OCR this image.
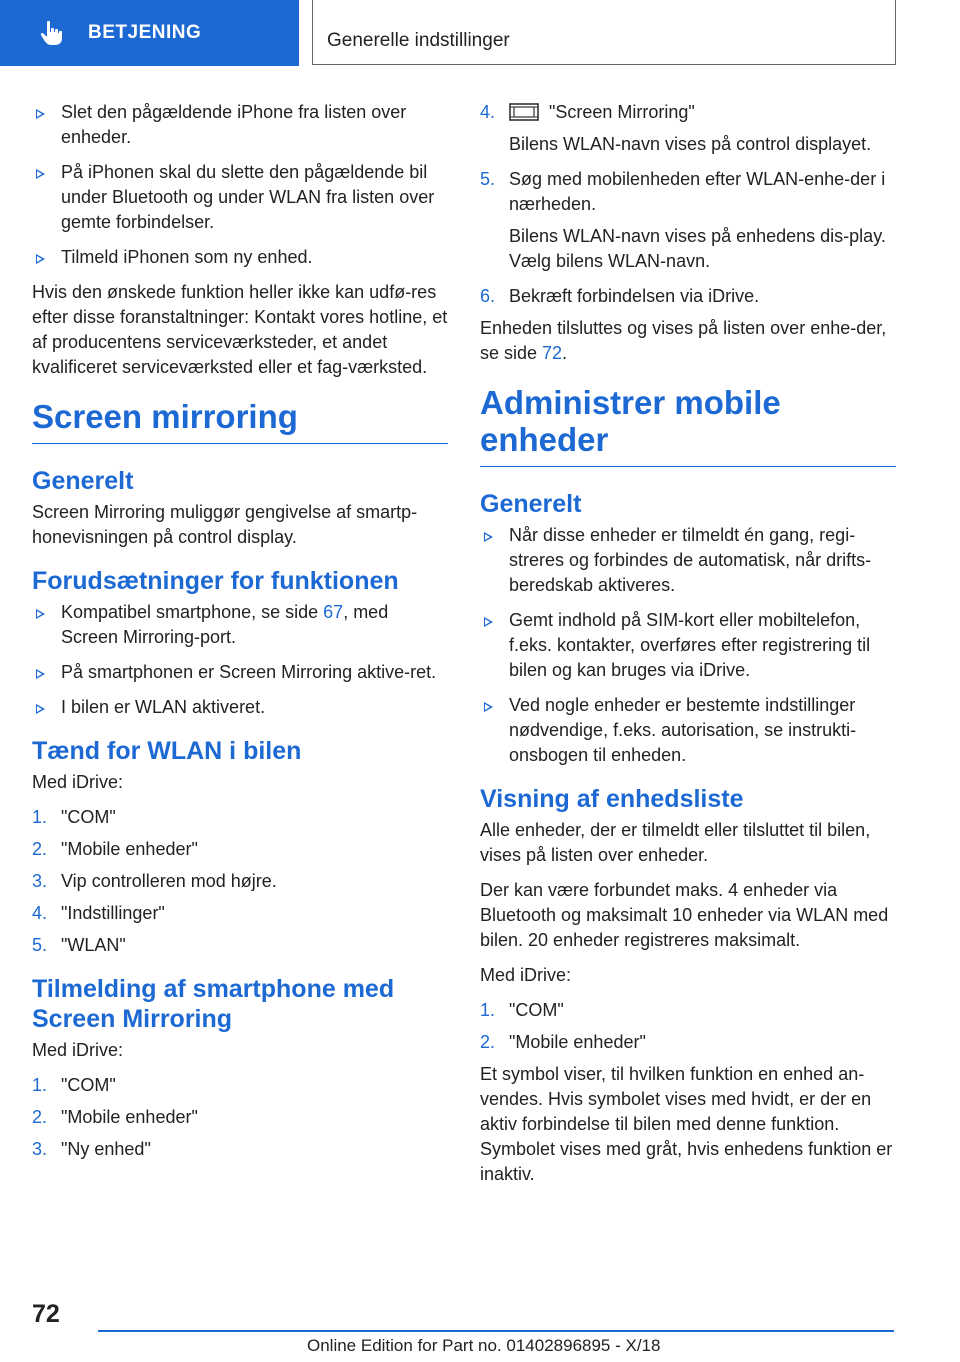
BETJENING	Generelle indstillinger
Slet den pågældende iPhone fra listen over enheder.
På iPhonen skal du slette den pågældende bil under Bluetooth og under WLAN fra listen over gemte forbindelser.
Tilmeld iPhonen som ny enhed.

Hvis den ønskede funktion heller ikke kan udfø‐res efter disse foranstaltninger: Kontakt vores hotline, et af producentens serviceværksteder, et andet kvalificeret serviceværksted eller et fag‐værksted.

Screen mirroring
Generelt

Screen Mirroring muliggør gengivelse af smartp‐honevisningen på control display.

Forudsætninger for funktionen
Kompatibel smartphone, se side 67, med Screen Mirroring-port.
På smartphonen er Screen Mirroring aktive‐ret.
I bilen er WLAN aktiveret.
Tænd for WLAN i bilen

Med iDrive:

1. "COM"
2. "Mobile enheder"
3. Vip controlleren mod højre.
4. "Indstillinger"
5. "WLAN"
Tilmelding af smartphone med Screen Mirroring

Med iDrive:

1. "COM"
2. "Mobile enheder"
3. "Ny enhed"
4.	"Screen Mirroring"

Bilens WLAN-navn vises på control displayet.

5. Søg med mobilenheden efter WLAN-enhe‐der i nærheden.

Bilens WLAN-navn vises på enhedens dis‐play. Vælg bilens WLAN-navn.

6. Bekræft forbindelsen via iDrive.

Enheden tilsluttes og vises på listen over enhe‐der, se side 72.

Administrer mobile enheder
Generelt
Når disse enheder er tilmeldt én gang, regi‐streres og forbindes de automatisk, når drifts‐beredskab aktiveres.
Gemt indhold på SIM-kort eller mobiltelefon, f.eks. kontakter, overføres efter registrering til bilen og kan bruges via iDrive.
Ved nogle enheder er bestemte indstillinger nødvendige, f.eks. autorisation, se instrukti‐onsbogen til enheden.
Visning af enhedsliste

Alle enheder, der er tilmeldt eller tilsluttet til bilen, vises på listen over enheder.

Der kan være forbundet maks. 4 enheder via Bluetooth og maksimalt 10 enheder via WLAN med bilen. 20 enheder registreres maksimalt.

Med iDrive:

1. "COM"
2. "Mobile enheder"

Et symbol viser, til hvilken funktion en enhed an‐vendes. Hvis symbolet vises med hvidt, er der en aktiv forbindelse til bilen med denne funktion. Symbolet vises med gråt, hvis enhedens funktion er inaktiv.

72
Online Edition for Part no. 01402896895 - X/18
